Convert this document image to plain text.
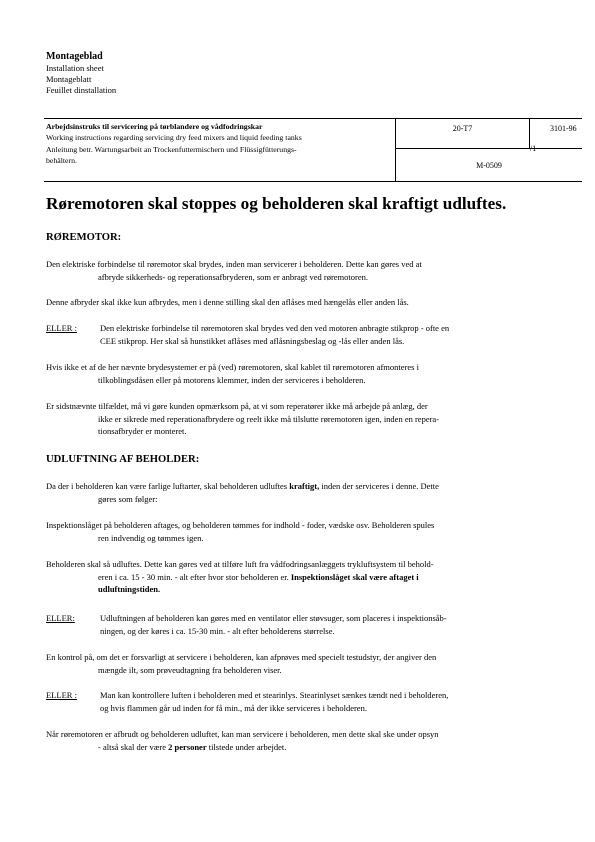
Montageblad
Installation sheet
Montageblatt
Feuillet dinstallation
Arbejdsinstruks til servicering på tørblandere og vådfodringskar
Working instructions regarding servicing dry feed mixers and liquid feeding tanks
Anleitung betr. Wartungsarbeit an Trockenfuttermischern und Flüssigfütterungs-
behältern.
20-T7	3101-96 /1
M-0509
Røremotoren skal stoppes og beholderen skal kraftigt udluftes.
RØREMOTOR:
Den elektriske forbindelse til røremotor skal brydes, inden man servicerer i beholderen. Dette kan gøres ved at
afbryde sikkerheds- og reperationsafbryderen, som er anbragt ved røremotoren.
Denne afbryder skal ikke kun afbrydes, men i denne stilling skal den aflåses med hængelås eller anden lås.
ELLER :	Den elektriske forbindelse til røremotoren skal brydes ved den ved motoren anbragte stikprop - ofte en
CEE stikprop. Her skal så hunstikket aflåses med aflåsningsbeslag og -lås eller anden lås.
Hvis ikke et af de her nævnte brydesystemer er på (ved) røremotoren, skal kablet til røremotoren afmonteres i
tilkoblingsdåsen eller på motorens klemmer, inden der serviceres i beholderen.
Er sidstnævnte tilfældet, må vi gøre kunden opmærksom på, at vi som reperatører ikke må arbejde på anlæg, der
ikke er sikrede med reperationafbrydere og reelt ikke må tilslutte røremotoren igen, inden en repera-
tionsafbryder er monteret.
UDLUFTNING AF BEHOLDER:
Da der i beholderen kan være farlige luftarter, skal beholderen udluftes kraftigt, inden der serviceres i denne. Dette
gøres som følger:
Inspektionslåget på beholderen aftages, og beholderen tømmes for indhold - foder, vædske osv. Beholderen spules
ren indvendig og tømmes igen.
Beholderen skal så udluftes. Dette kan gøres ved at tilføre luft fra vådfodringsanlæggets trykluftsystem til behold-
eren i ca. 15 - 30 min. - alt efter hvor stor beholderen er. Inspektionslåget skal være aftaget i
udluftningstiden.
ELLER:	Udluftningen af beholderen kan gøres med en ventilator eller støvsuger, som placeres i inspektionsåb-
ningen, og der køres i ca. 15-30 min. - alt efter beholderens størrelse.
En kontrol på, om det er forsvarligt at servicere i beholderen, kan afprøves med specielt testudstyr, der angiver den
mængde ilt, som prøveudtagning fra beholderen viser.
ELLER :	Man kan kontrollere luften i beholderen med et stearinlys. Stearinlyset sænkes tændt ned i beholderen,
og hvis flammen går ud inden for få min., må der ikke serviceres i beholderen.
Når røremotoren er afbrudt og beholderen udluftet, kan man servicere i beholderen, men dette skal ske under opsyn
- altså skal der være 2 personer tilstede under arbejdet.
